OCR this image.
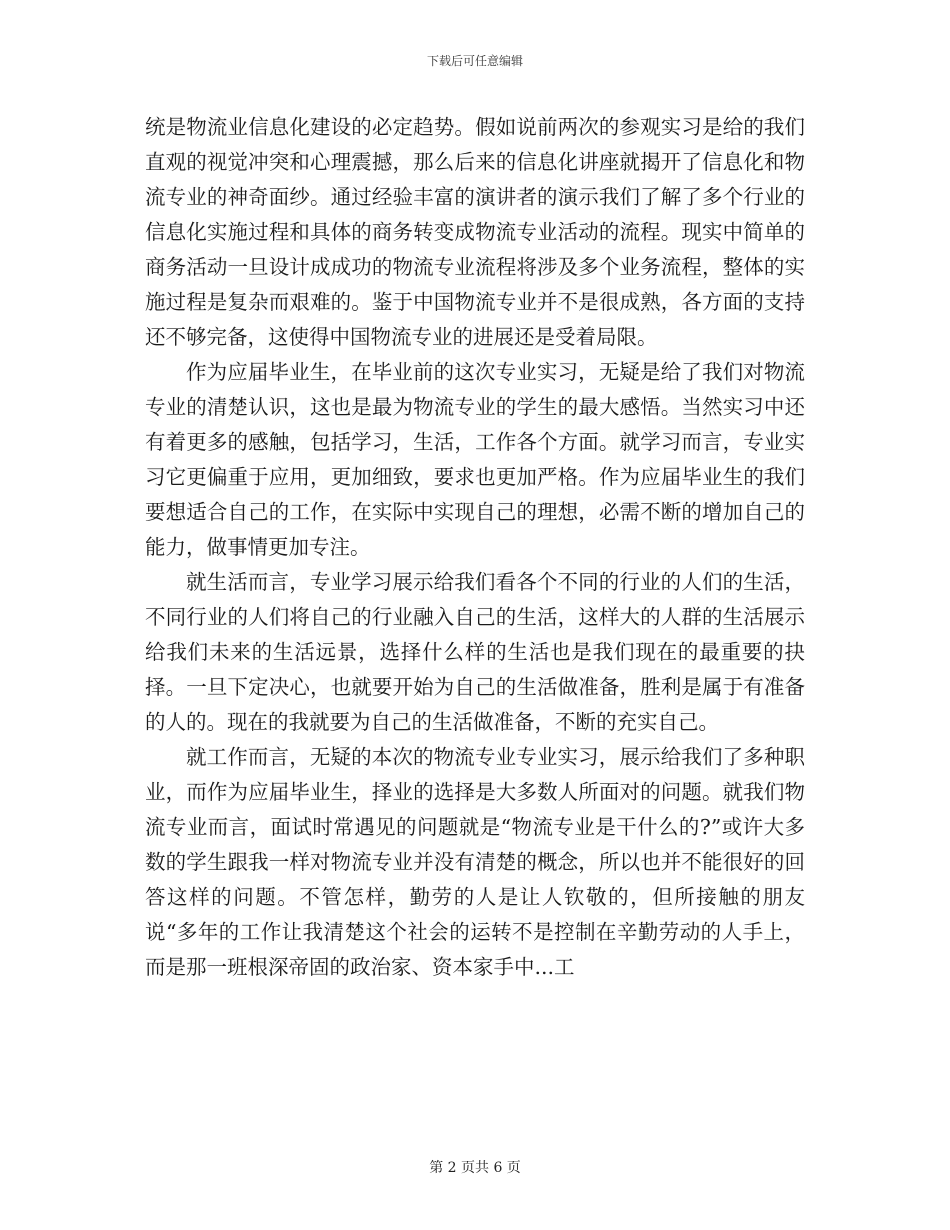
下载后可任意编辑

统是物流业信息化建设的必定趋势。假如说前两次的参观实习是给的我们直观的视觉冲突和心理震撼，那么后来的信息化讲座就揭开了信息化和物流专业的神奇面纱。通过经验丰富的演讲者的演示我们了解了多个行业的信息化实施过程和具体的商务转变成物流专业活动的流程。现实中简单的商务活动一旦设计成成功的物流专业流程将涉及多个业务流程，整体的实施过程是复杂而艰难的。鉴于中国物流专业并不是很成熟，各方面的支持还不够完备，这使得中国物流专业的进展还是受着局限。

作为应届毕业生，在毕业前的这次专业实习，无疑是给了我们对物流专业的清楚认识，这也是最为物流专业的学生的最大感悟。当然实习中还有着更多的感触，包括学习，生活，工作各个方面。就学习而言，专业实习它更偏重于应用，更加细致，要求也更加严格。作为应届毕业生的我们要想适合自己的工作，在实际中实现自己的理想，必需不断的增加自己的能力，做事情更加专注。

就生活而言，专业学习展示给我们看各个不同的行业的人们的生活，不同行业的人们将自己的行业融入自己的生活，这样大的人群的生活展示给我们未来的生活远景，选择什么样的生活也是我们现在的最重要的抉择。一旦下定决心，也就要开始为自己的生活做准备，胜利是属于有准备的人的。现在的我就要为自己的生活做准备，不断的充实自己。

就工作而言，无疑的本次的物流专业专业实习，展示给我们了多种职业，而作为应届毕业生，择业的选择是大多数人所面对的问题。就我们物流专业而言，面试时常遇见的问题就是“物流专业是干什么的?”或许大多数的学生跟我一样对物流专业并没有清楚的概念，所以也并不能很好的回答这样的问题。不管怎样，勤劳的人是让人钦敬的，但所接触的朋友说“多年的工作让我清楚这个社会的运转不是控制在辛勤劳动的人手上，而是那一班根深帝固的政治家、资本家手中...工

第 2 页共 6 页
